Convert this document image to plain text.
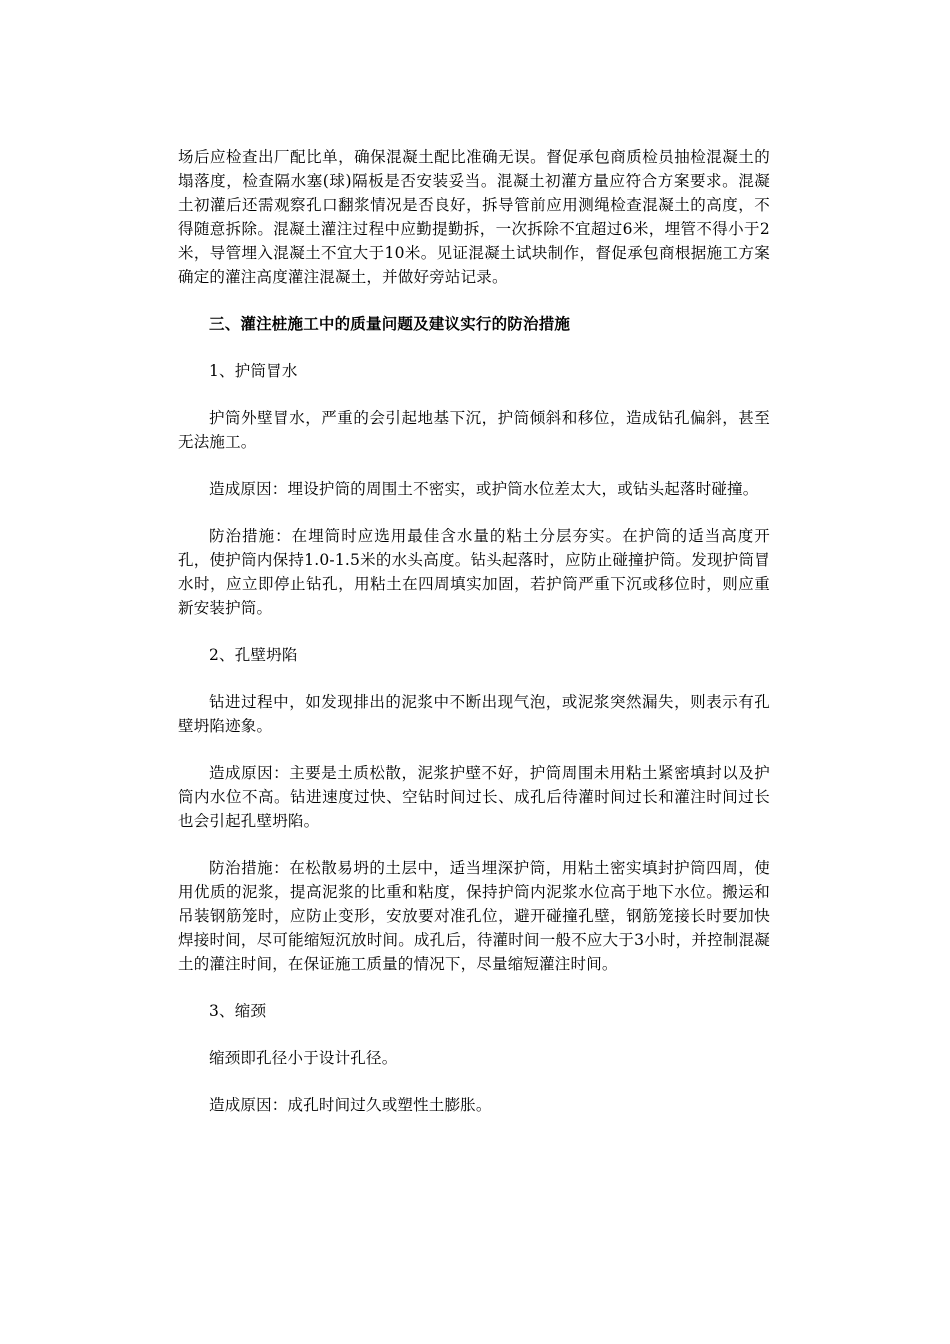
场后应检查出厂配比单，确保混凝土配比准确无误。督促承包商质检员抽检混凝土的塌落度，检查隔水塞(球)隔板是否安装妥当。混凝土初灌方量应符合方案要求。混凝土初灌后还需观察孔口翻浆情况是否良好，拆导管前应用测绳检查混凝土的高度，不得随意拆除。混凝土灌注过程中应勤提勤拆，一次拆除不宜超过6米，埋管不得小于2米，导管埋入混凝土不宜大于10米。见证混凝土试块制作，督促承包商根据施工方案确定的灌注高度灌注混凝土，并做好旁站记录。

三、灌注桩施工中的质量问题及建议实行的防治措施

1、护筒冒水

护筒外壁冒水，严重的会引起地基下沉，护筒倾斜和移位，造成钻孔偏斜，甚至无法施工。

造成原因：埋设护筒的周围土不密实，或护筒水位差太大，或钻头起落时碰撞。

防治措施：在埋筒时应选用最佳含水量的粘土分层夯实。在护筒的适当高度开孔，使护筒内保持1.0-1.5米的水头高度。钻头起落时，应防止碰撞护筒。发现护筒冒水时，应立即停止钻孔，用粘土在四周填实加固，若护筒严重下沉或移位时，则应重新安装护筒。

2、孔壁坍陷

钻进过程中，如发现排出的泥浆中不断出现气泡，或泥浆突然漏失，则表示有孔壁坍陷迹象。

造成原因：主要是土质松散，泥浆护壁不好，护筒周围未用粘土紧密填封以及护筒内水位不高。钻进速度过快、空钻时间过长、成孔后待灌时间过长和灌注时间过长也会引起孔壁坍陷。

防治措施：在松散易坍的土层中，适当埋深护筒，用粘土密实填封护筒四周，使用优质的泥浆，提高泥浆的比重和粘度，保持护筒内泥浆水位高于地下水位。搬运和吊装钢筋笼时，应防止变形，安放要对准孔位，避开碰撞孔壁，钢筋笼接长时要加快焊接时间，尽可能缩短沉放时间。成孔后，待灌时间一般不应大于3小时，并控制混凝土的灌注时间，在保证施工质量的情况下，尽量缩短灌注时间。

3、缩颈

缩颈即孔径小于设计孔径。

造成原因：成孔时间过久或塑性土膨胀。
